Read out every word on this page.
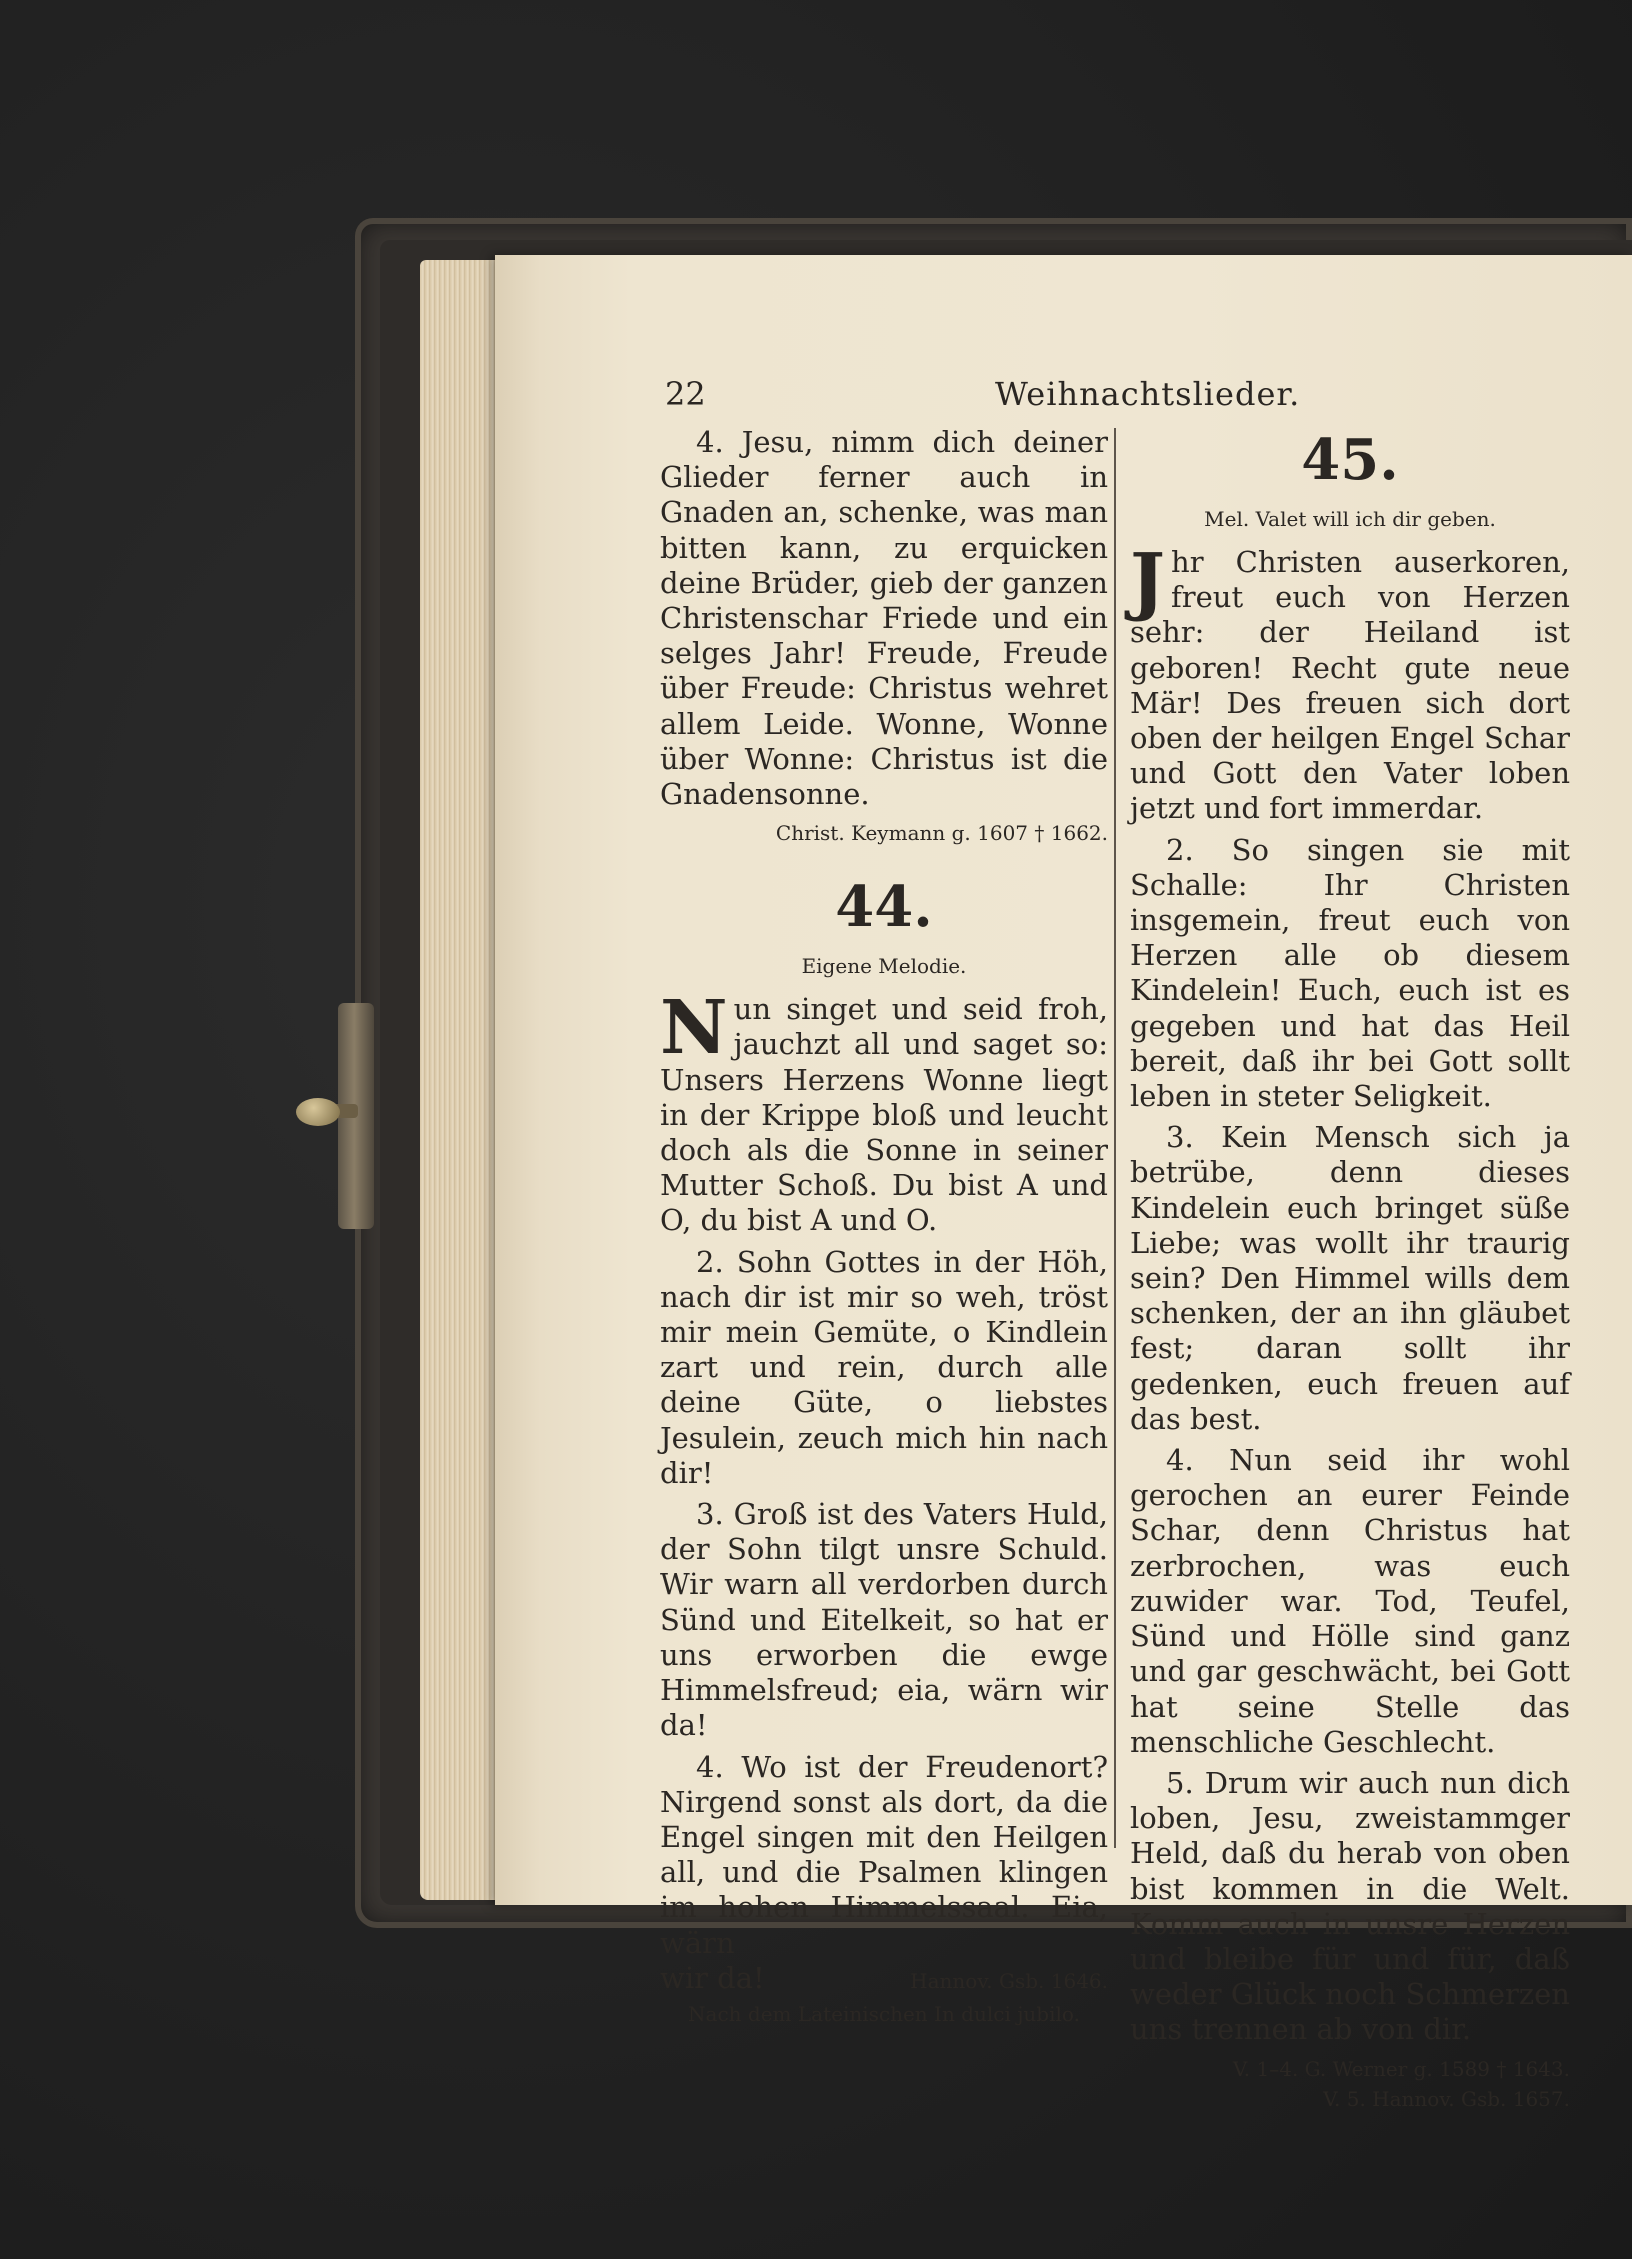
22	Weihnachtslieder.

4. Jesu, nimm dich deiner Glieder ferner auch in Gnaden an, schenke, was man bitten kann, zu erquicken deine Brüder, gieb der ganzen Christenschar Friede und ein selges Jahr! Freude, Freude über Freude: Christus wehret allem Leide. Wonne, Wonne über Wonne: Christus ist die Gnadensonne.

Christ. Keymann g. 1607 † 1662.

44.
Eigene Melodie.

N un singet und seid froh, jauchzt all und saget so: Unsers Herzens Wonne liegt in der Krippe bloß und leucht doch als die Sonne in seiner Mutter Schoß. Du bist A und O, du bist A und O.

2. Sohn Gottes in der Höh, nach dir ist mir so weh, tröst mir mein Gemüte, o Kindlein zart und rein, durch alle deine Güte, o liebstes Jesulein, zeuch mich hin nach dir!

3. Groß ist des Vaters Huld, der Sohn tilgt unsre Schuld. Wir warn all verdorben durch Sünd und Eitelkeit, so hat er uns erworben die ewge Himmelsfreud; eia, wärn wir da!

4. Wo ist der Freudenort? Nirgend sonst als dort, da die Engel singen mit den Heilgen all, und die Psalmen klingen im hohen Himmelssaal. Eia, wärn

wir da!	Hannov. Gsb. 1646.
Nach dem Lateinischen In dulci jubilo.
45.
Mel. Valet will ich dir geben.

J hr Christen auserkoren, freut euch von Herzen sehr: der Heiland ist geboren! Recht gute neue Mär! Des freuen sich dort oben der heilgen Engel Schar und Gott den Vater loben jetzt und fort immerdar.

2. So singen sie mit Schalle: Ihr Christen insgemein, freut euch von Herzen alle ob diesem Kindelein! Euch, euch ist es gegeben und hat das Heil bereit, daß ihr bei Gott sollt leben in steter Seligkeit.

3. Kein Mensch sich ja betrübe, denn dieses Kindelein euch bringet süße Liebe; was wollt ihr traurig sein? Den Himmel wills dem schenken, der an ihn gläubet fest; daran sollt ihr gedenken, euch freuen auf das best.

4. Nun seid ihr wohl gerochen an eurer Feinde Schar, denn Christus hat zerbrochen, was euch zuwider war. Tod, Teufel, Sünd und Hölle sind ganz und gar geschwächt, bei Gott hat seine Stelle das menschliche Geschlecht.

5. Drum wir auch nun dich loben, Jesu, zweistammger Held, daß du herab von oben bist kommen in die Welt. Komm auch in unsre Herzen und bleibe für und für, daß weder Glück noch Schmerzen uns trennen ab von dir.

V. 1–4. G. Werner g. 1589 † 1643.

V. 5. Hannov. Gsb. 1657.
